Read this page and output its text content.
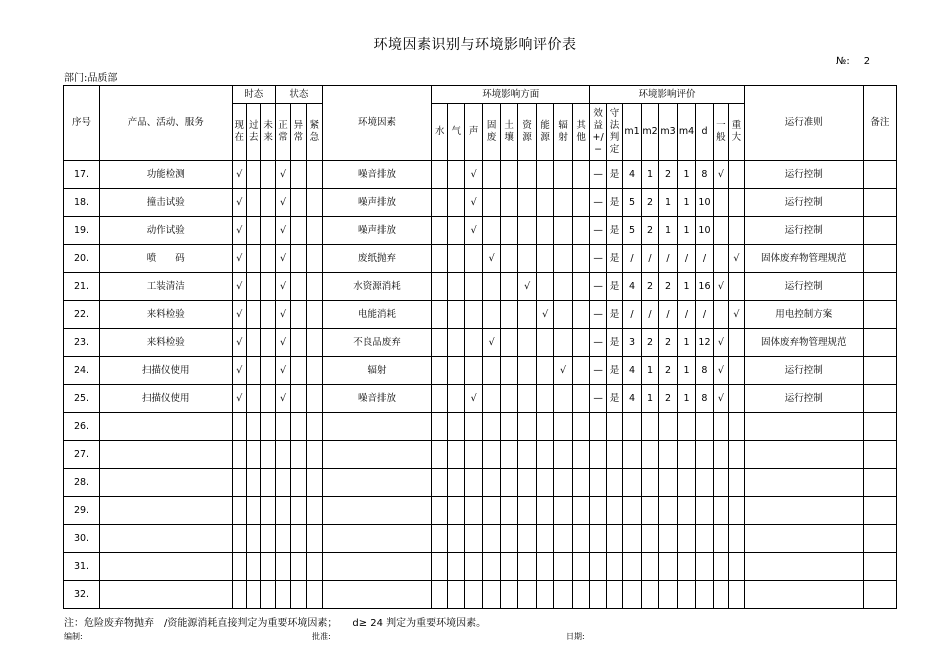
环境因素识别与环境影响评价表
№: 2
部门:品质部
序号	产品、活动、服务	时态			状态			环境因素	环境影响方面									环境影响评价									运行准则	备注
		现在	过去	未来	正常	异常	紧急		水	气	声	固废	土壤	资源	能源	辐射	其他	效益+/−	守法判定	m1	m2	m3	m4	d	一般	重大		
17.	功能检测	√			√			噪音排放			√							—	是	4	1	2	1	8	√		运行控制	
18.	撞击试验	√			√			噪声排放			√							—	是	5	2	1	1	10			运行控制	
19.	动作试验	√			√			噪声排放			√							—	是	5	2	1	1	10			运行控制	
20.	喷　　码	√			√			废纸抛弃				√						—	是	/	/	/	/	/		√	固体废弃物管理规范	
21.	工装清洁	√			√			水资源消耗						√				—	是	4	2	2	1	16	√		运行控制	
22.	来料检验	√			√			电能消耗							√			—	是	/	/	/	/	/		√	用电控制方案	
23.	来料检验	√			√			不良品废弃				√						—	是	3	2	2	1	12	√		固体废弃物管理规范	
24.	扫描仪使用	√			√			辐射								√		—	是	4	1	2	1	8	√		运行控制	
25.	扫描仪使用	√			√			噪音排放			√							—	是	4	1	2	1	8	√		运行控制	
26.																												
27.																												
28.																												
29.																												
30.																												
31.																												
32.																												
注：危险废弃物抛弃　/资能源消耗直接判定为重要环境因素；　　d≥ 24 判定为重要环境因素。
编制:	批准:	日期:
